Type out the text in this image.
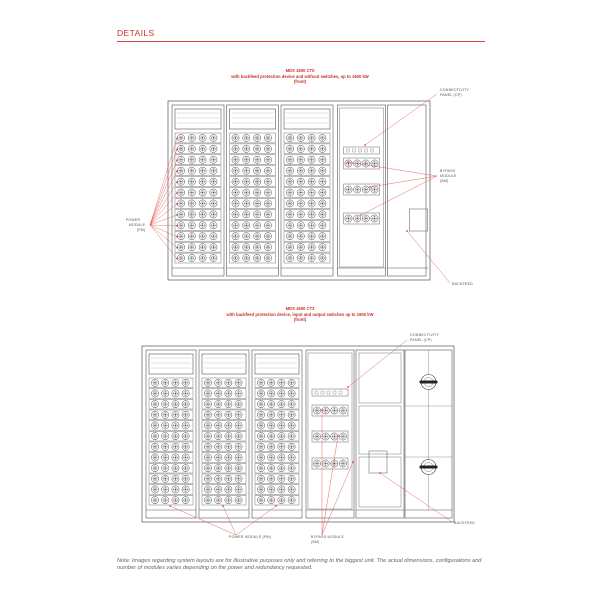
DETAILS
MDS 1600 CT0
with backfeed protection device and without switches, up to 1600 kW
(front)
MDS 1600 CT3
with backfeed protection device, input and output switches up to 1600 kW
(front)
CONNECTIVITY
PANEL (CP)
BYPASS
MODULE
(BM)
POWER
MODULE
(PM)
BACKFEED
CONNECTIVITY
PANEL (CP)
POWER MODULE (PM)	BYPASS MODULE
(BM)
BACKFEED
Note: Images regarding system layouts are for illustrative purposes only and referring to the biggest unit. The actual dimensions, configurations and number of modules varies depending on the power and redundancy requested.
